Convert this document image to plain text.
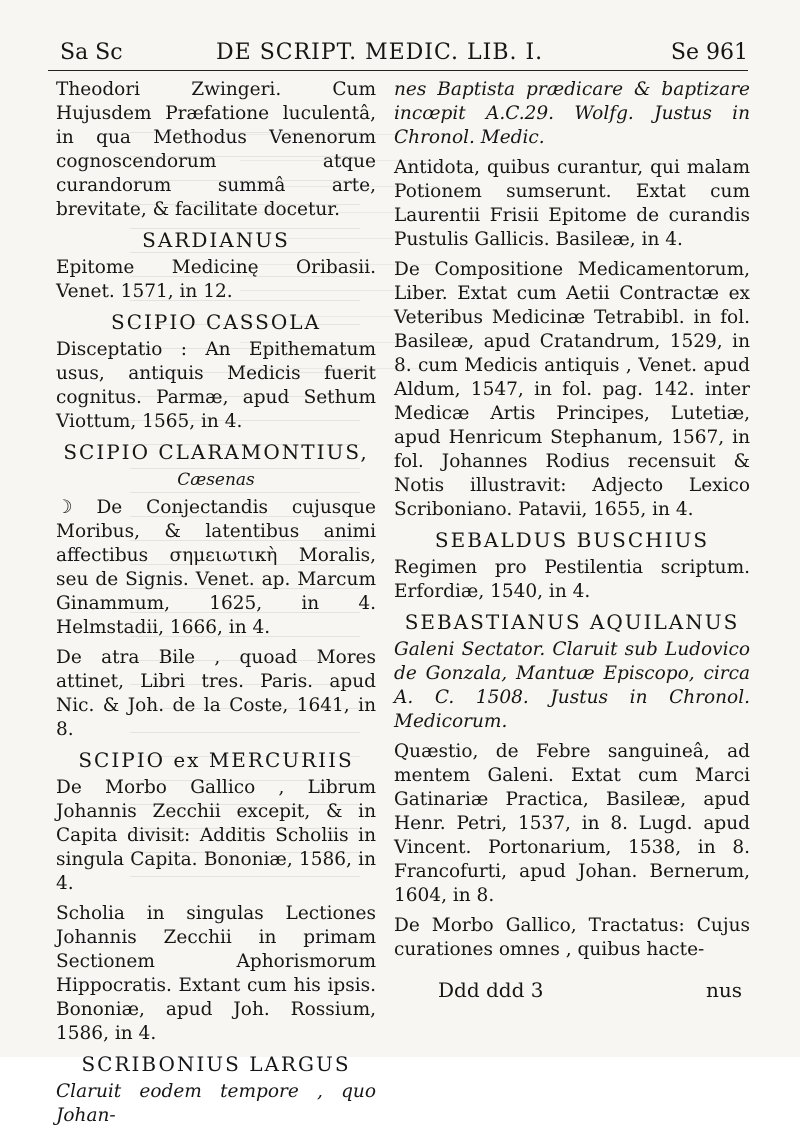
Sa Sc	DE SCRIPT. MEDIC. LIB. I.	Se 961
Theodori Zwingeri. Cum Hujusdem Præfatione luculentâ, in qua Methodus Venenorum cognoscendorum atque curandorum summâ arte, brevitate, & facilitate docetur.
SARDIANUS
Epitome Medicinę Oribasii. Venet. 1571, in 12.
SCIPIO CASSOLA
Disceptatio : An Epithematum usus, antiquis Medicis fuerit cognitus. Parmæ, apud Sethum Viottum, 1565, in 4.
SCIPIO CLARAMONTIUS,
Cæsenas
☽ De Conjectandis cujusque Moribus, & latentibus animi affectibus σημειωτικὴ Moralis, seu de Signis. Venet. ap. Marcum Ginammum, 1625, in 4. Helmstadii, 1666, in 4.
De atra Bile , quoad Mores attinet, Libri tres. Paris. apud Nic. & Joh. de la Coste, 1641, in 8.
SCIPIO ex MERCURIIS
De Morbo Gallico , Librum Johannis Zecchii excepit, & in Capita divisit: Additis Scholiis in singula Capita. Bononiæ, 1586, in 4.
Scholia in singulas Lectiones Johannis Zecchii in primam Sectionem Aphorismorum Hippocratis. Extant cum his ipsis. Bononiæ, apud Joh. Rossium, 1586, in 4.
SCRIBONIUS LARGUS
Claruit eodem tempore , quo Johan-
nes Baptista prædicare & baptizare incœpit A.C.29. Wolfg. Justus in Chronol. Medic.
Antidota, quibus curantur, qui malam Potionem sumserunt. Extat cum Laurentii Frisii Epitome de curandis Pustulis Gallicis. Basileæ, in 4.
De Compositione Medicamentorum, Liber. Extat cum Aetii Contractæ ex Veteribus Medicinæ Tetrabibl. in fol. Basileæ, apud Cratandrum, 1529, in 8. cum Medicis antiquis , Venet. apud Aldum, 1547, in fol. pag. 142. inter Medicæ Artis Principes, Lutetiæ, apud Henricum Stephanum, 1567, in fol. Johannes Rodius recensuit & Notis illustravit: Adjecto Lexico Scriboniano. Patavii, 1655, in 4.
SEBALDUS BUSCHIUS
Regimen pro Pestilentia scriptum. Erfordiæ, 1540, in 4.
SEBASTIANUS AQUILANUS
Galeni Sectator. Claruit sub Ludovico de Gonzala, Mantuæ Episcopo, circa A. C. 1508. Justus in Chronol. Medicorum.
Quæstio, de Febre sanguineâ, ad mentem Galeni. Extat cum Marci Gatinariæ Practica, Basileæ, apud Henr. Petri, 1537, in 8. Lugd. apud Vincent. Portonarium, 1538, in 8. Francofurti, apud Johan. Bernerum, 1604, in 8.
De Morbo Gallico, Tractatus: Cujus curationes omnes , quibus hacte-
Ddd ddd 3	nus
